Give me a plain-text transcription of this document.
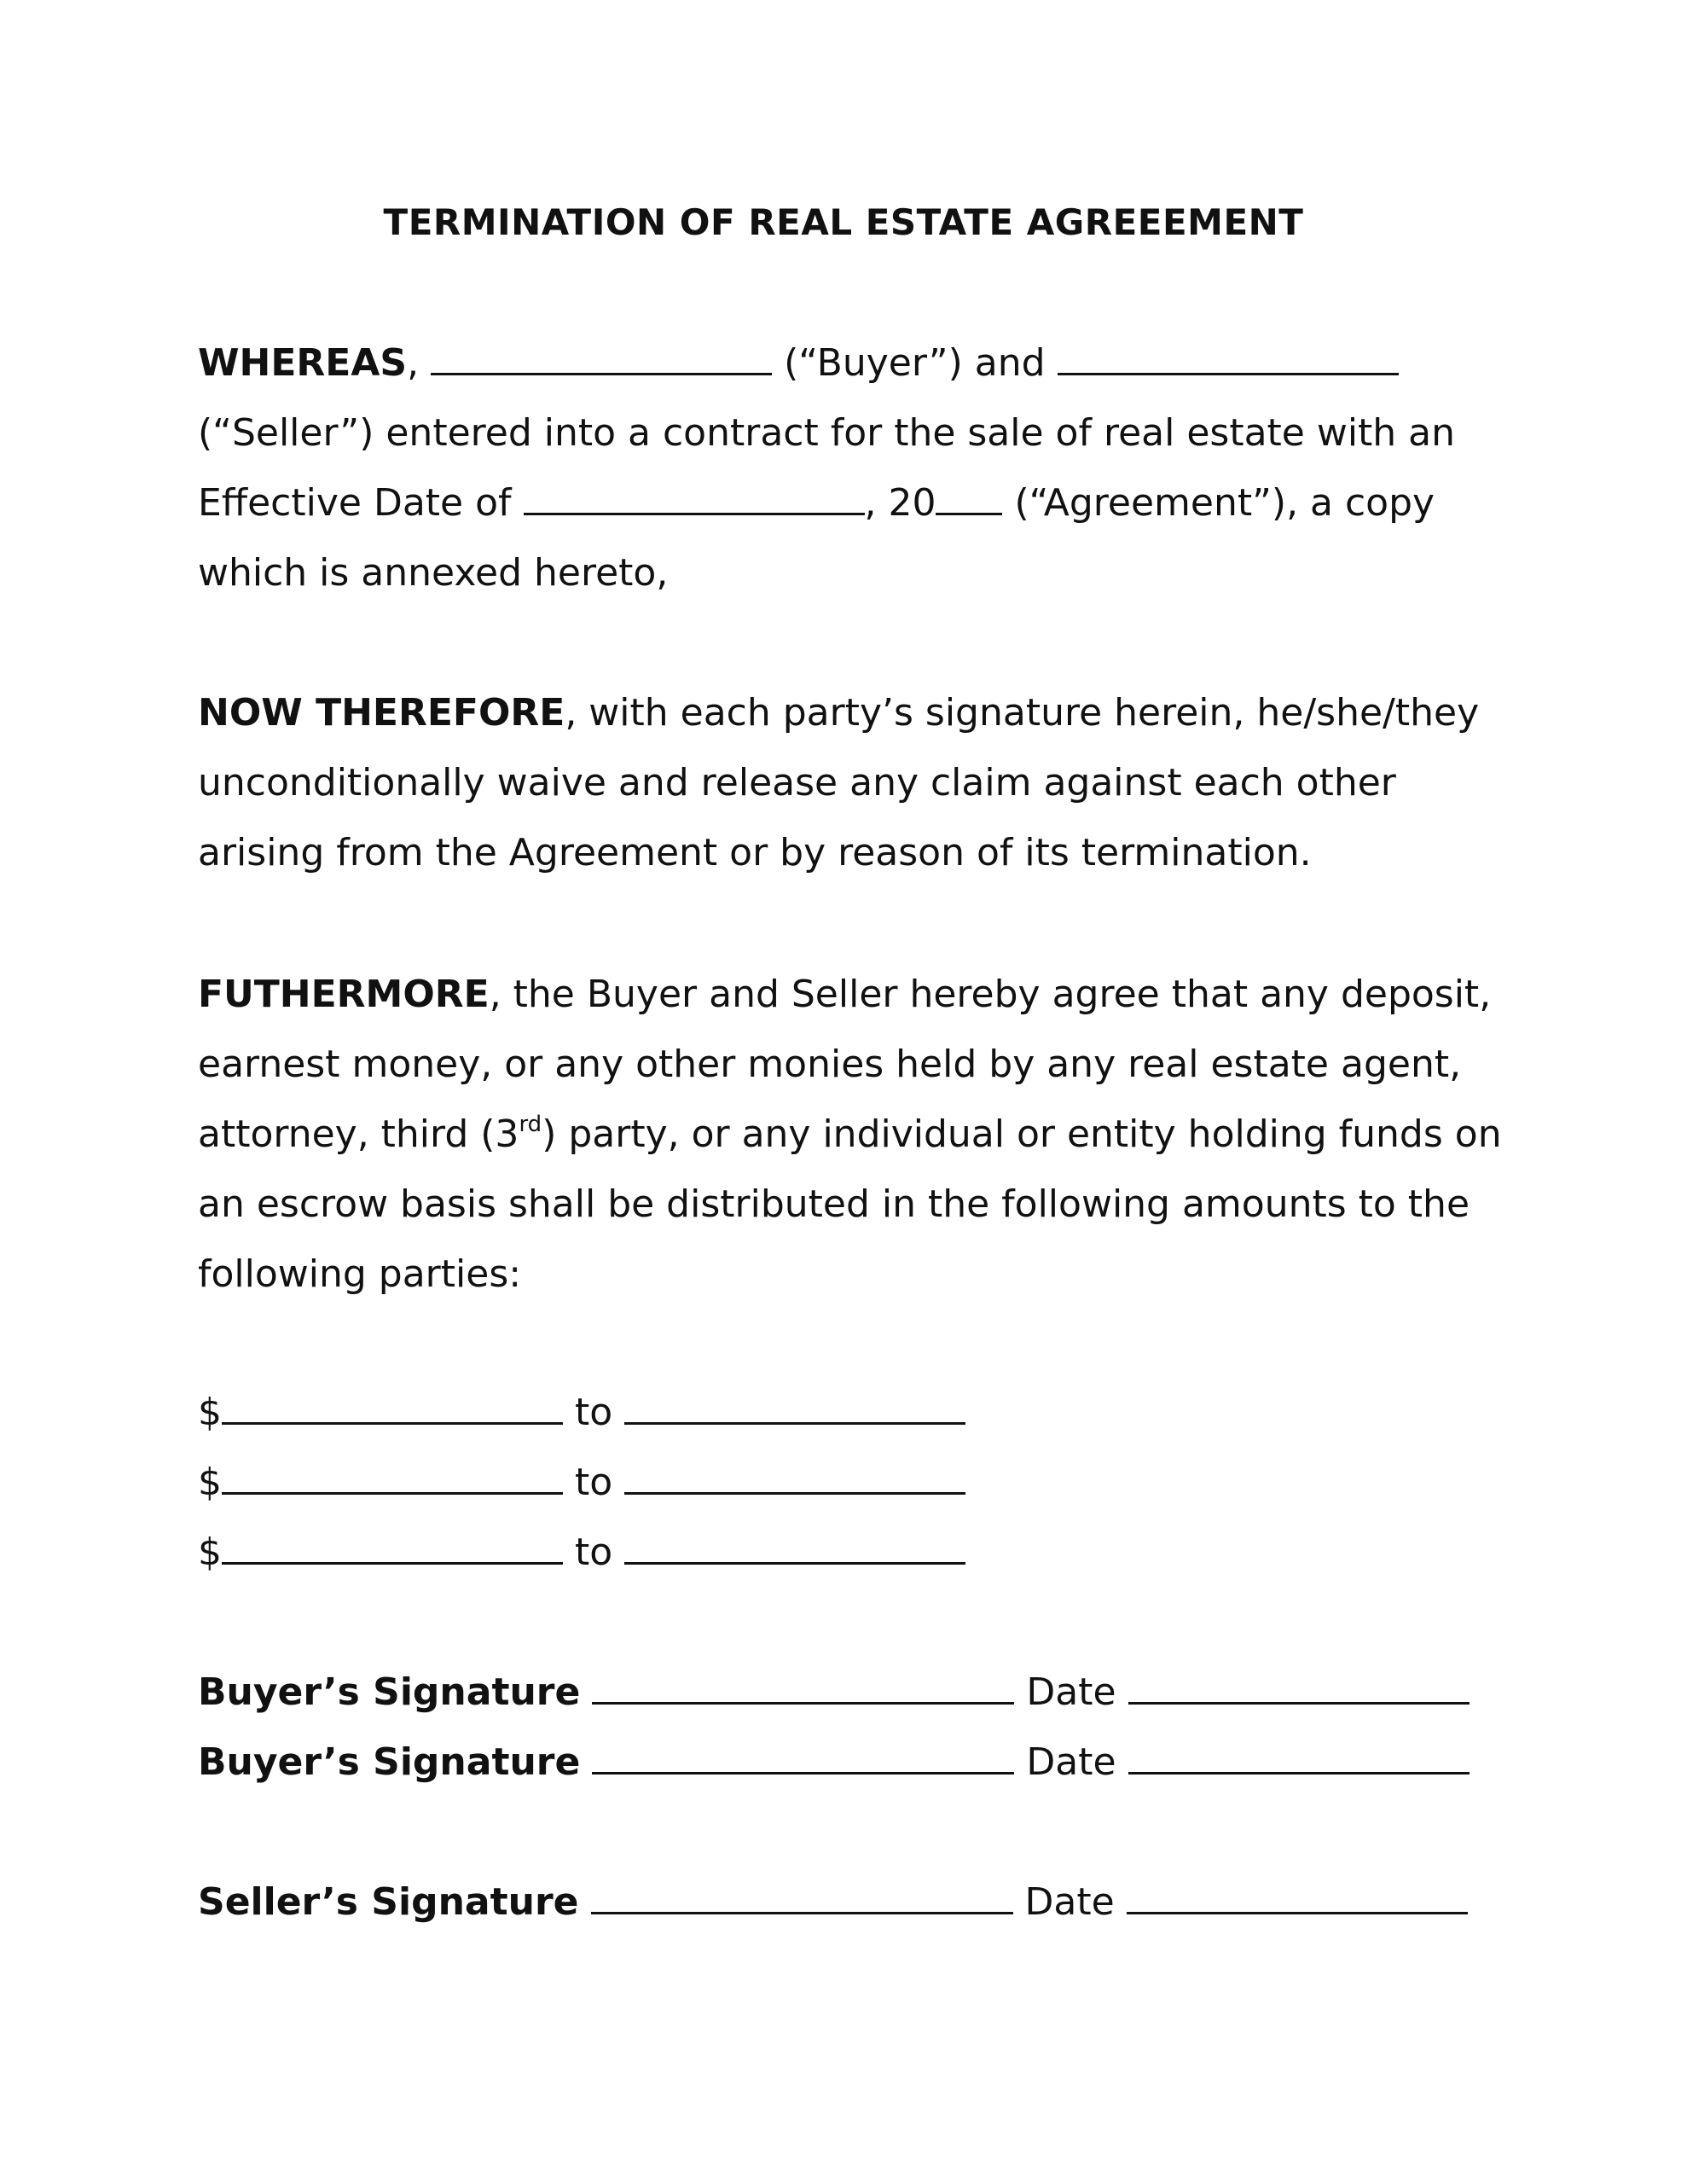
TERMINATION OF REAL ESTATE AGREEEMENT
WHEREAS,	(“Buyer”) and  (“Seller”) entered into a contract for the sale of real estate with an Effective Date of	, 20 (“Agreement”), a copy which is annexed hereto,
NOW THEREFORE, with each party’s signature herein, he/she/they unconditionally waive and release any claim against each other arising from the Agreement or by reason of its termination.
FUTHERMORE, the Buyer and Seller hereby agree that any deposit, earnest money, or any other monies held by any real estate agent, attorney, third (3rd) party, or any individual or entity holding funds on an escrow basis shall be distributed in the following amounts to the following parties:
$	to
$	to
$	to
Buyer’s Signature	Date
Buyer’s Signature	Date
Seller’s Signature	Date
